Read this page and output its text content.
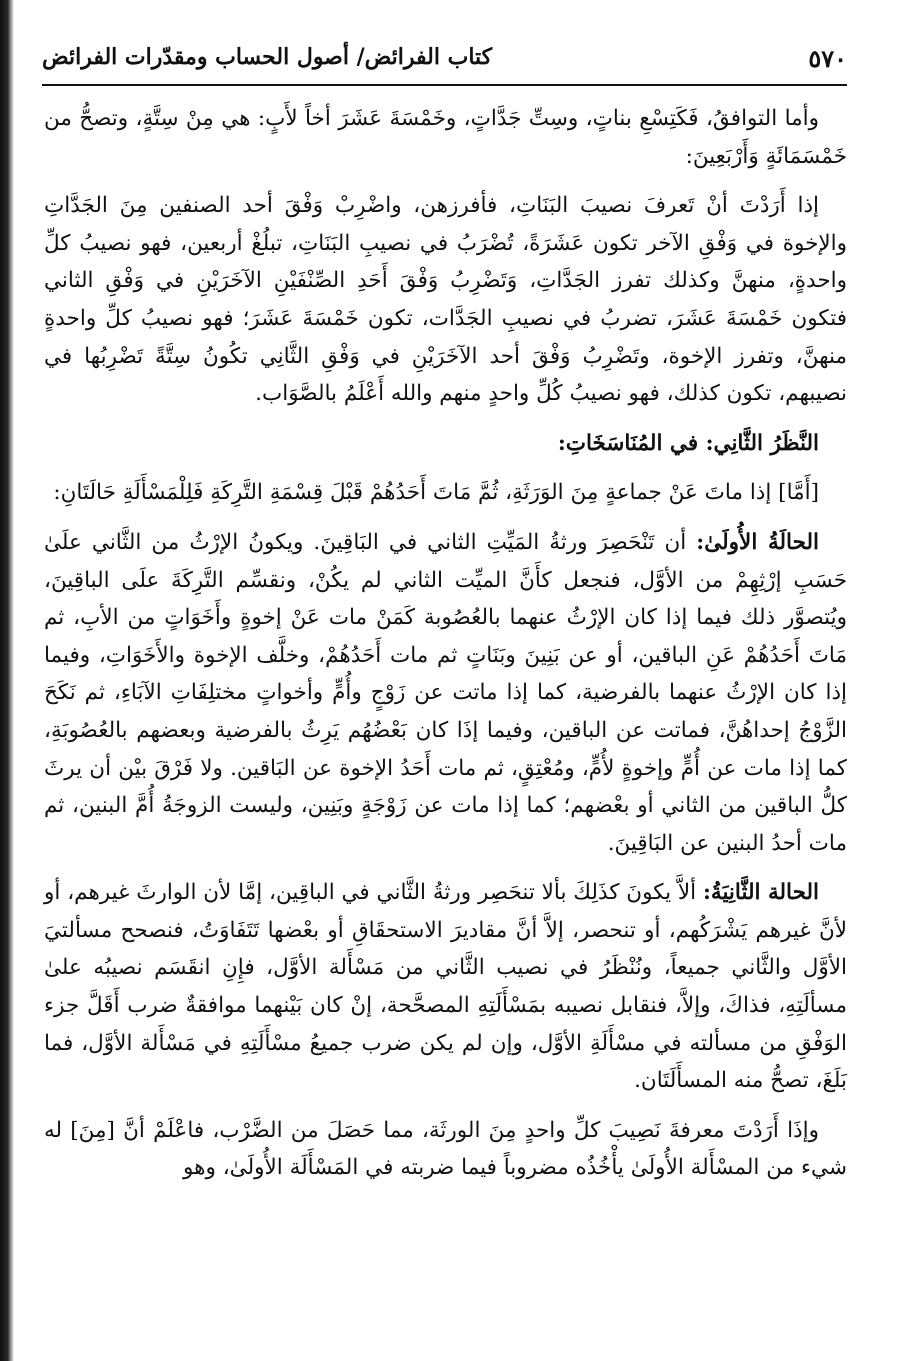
٥٧٠
كتاب الفرائض/ أصول الحساب ومقدّرات الفرائض

وأما التوافقُ، فَكَتِسْعِ بناتٍ، وسِتِّ جَدَّاتٍ، وخَمْسَةَ عَشَرَ أخاً لأَبٍ: هي مِنْ سِتَّةٍ، وتصحُّ من خَمْسَمَائَةٍ وَأَرْبَعِينَ:

إذا أَرَدْتَ أنْ تَعرفَ نصيبَ البَنَاتِ، فأفرزهن، واضْرِبْ وَفْقَ أحد الصنفين مِنَ الجَدَّاتِ والإخوة في وَفْقِ الآخر تكون عَشَرَةً، تُضْرَبُ في نصيبِ البَنَاتِ، تبلُغْ أربعين، فهو نصيبُ كلِّ واحدةٍ، منهنَّ وكذلك تفرز الجَدَّاتِ، وَتَضْرِبُ وَفْقَ أَحَدِ الصِّنْفَيْنِ الآخَرَيْنِ في وَفْقِ الثاني فتكون خَمْسَةَ عَشَرَ، تضربُ في نصيبِ الجَدَّات، تكون خَمْسَةَ عَشَرَ؛ فهو نصيبُ كلِّ واحدةٍ منهنَّ، وتفرز الإخوة، وتَضْرِبُ وَفْقَ أحد الآخَرَيْنِ في وَفْقِ الثَّانِي تكُونُ سِتَّةً تَضْرِبُها في نصيبهم، تكون كذلك، فهو نصيبُ كُلِّ واحدٍ منهم والله أَعْلَمُ بالصَّوَاب.

النَّظَرُ الثَّانِي: في المُنَاسَخَاتِ:

[أَمَّا] إذا ماتَ عَنْ جماعةٍ مِنَ الوَرَثَةِ، ثُمَّ مَاتَ أَحَدُهُمْ قَبْلَ قِسْمَةِ التَّرِكَةِ فَلِلْمَسْأَلَةِ حَالَتَانِ:

الحالَةُ الأُولَىٰ: أن تَنْحَصِرَ ورثةُ المَيِّتِ الثاني في البَاقِينَ. ويكونُ الإرْثُ من الثَّاني علَىٰ حَسَبِ إرْثِهِمْ من الأوَّل، فنجعل كأَنَّ الميِّت الثاني لم يكُنْ، ونقسِّم التَّرِكَةَ علَى الباقِينَ، ويُتصوَّر ذلك فيما إذا كان الإرْثُ عنهما بالعُصُوبة كَمَنْ مات عَنْ إخوةٍ وأَخَوَاتٍ من الأبِ، ثم مَاتَ أَحَدُهُمْ عَنِ الباقين، أو عن بَنِينَ وبَنَاتٍ ثم مات أَحَدُهُمْ، وخلَّف الإخوة والأَخَوَاتِ، وفيما إذا كان الإرْثُ عنهما بالفرضية، كما إذا ماتت عن زَوْجٍ وأُمٍّ وأخواتٍ مختلِفَاتِ الآبَاءِ، ثم نَكَحَ الزَّوْجُ إحداهُنَّ، فماتت عن الباقين، وفيما إذَا كان بَعْضُهُم يَرِثُ بالفرضية وبعضهم بالعُصُوبَةِ، كما إذا مات عن أُمٍّ وإخوةٍ لأُمٍّ، ومُعْتِقٍ، ثم مات أَحَدُ الإخوة عن البَاقين. ولا فَرْقَ بيْن أن يرثَ كلُّ الباقين من الثاني أو بعْضهم؛ كما إذا مات عن زَوْجَةٍ وبَنِين، وليست الزوجَةُ أُمَّ البنين، ثم مات أحدُ البنين عن البَاقِينَ.

الحالة الثَّانِيَةُ: ألاَّ يكونَ كذَلِكَ بألا تنحَصِر ورثةُ الثَّاني في الباقِين، إمَّا لأن الوارثَ غيرهم، أو لأنَّ غيرهم يَشْرَكُهم، أو تنحصر، إلاَّ أنَّ مقاديرَ الاستحقَاقِ أو بعْضها تَتَفَاوَتُ، فنصحح مسألتيَ الأوَّل والثَّاني جميعاً، ونُنْظَرُ في نصيب الثَّاني من مَسْأَلة الأوَّل، فإِنِ انقَسَم نصيبُه علىٰ مسألَتِهِ، فذاكَ، وإلاَّ، فنقابل نصيبه بمَسْأَلَتِهِ المصحَّحة، إنْ كان بَيْنهما موافقةٌ ضرب أَقَلَّ جزء الوَفْقِ من مسألته في مسْأَلَةِ الأوَّل، وإن لم يكن ضرب جميعُ مسْأَلَتِهِ في مَسْأَلة الأوَّل، فما بَلَغَ، تصحُّ منه المسأَلَتَان.

وإذَا أَرَدْتَ معرفةَ نَصِيبَ كلِّ واحدٍ مِنَ الورثَة، مما حَصَلَ من الضَّرْب، فاعْلَمْ أنَّ [مِنَ] له شيء من المسْأَلة الأُولَىٰ يأْخُذُه مضروباً فيما ضربته في المَسْأَلَة الأُولَىٰ، وهو
